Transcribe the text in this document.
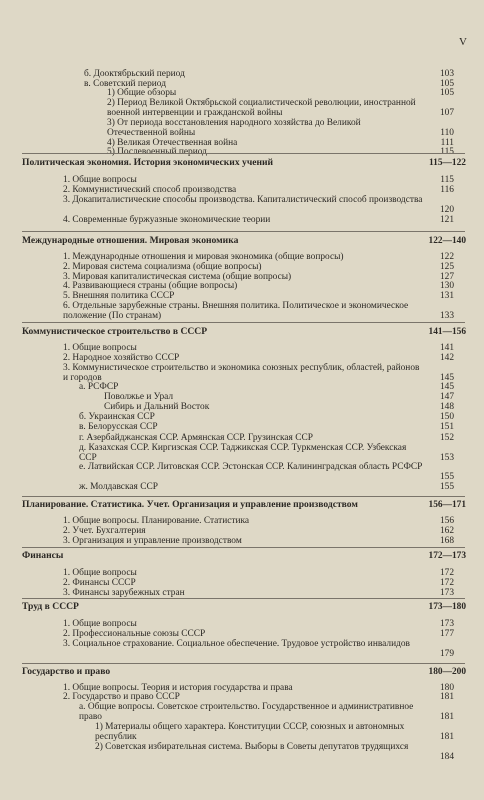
V
б. Дооктябрьский период	103
в. Советский период	105
1) Общие обзоры	105
2) Период Великой Октябрьской социалистической революции, иностранной военной интервенции и гражданской войны	107
3) От периода восстановления народного хозяйства до Великой Отечественной войны	110
4) Великая Отечественная война	111
5) Послевоенный период	115
Политическая экономия. История экономических учений	115—122
1. Общие вопросы	115
2. Коммунистический способ производства	116
3. Докапиталистические способы производства. Капиталистический способ производства
120
4. Современные буржуазные экономические теории	121
Международные отношения. Мировая экономика	122—140
1. Международные отношения и мировая экономика (общие вопросы)	122
2. Мировая система социализма (общие вопросы)	125
3. Мировая капиталистическая система (общие вопросы)	127
4. Развивающиеся страны (общие вопросы)	130
5. Внешняя политика СССР	131
6. Отдельные зарубежные страны. Внешняя политика. Политическое и экономическое положение (По странам)	133
Коммунистическое строительство в СССР	141—156
1. Общие вопросы	141
2. Народное хозяйство СССР	142
3. Коммунистическое строительство и экономика союзных республик, областей, районов и городов	145
а. РСФСР	145
Поволжье и Урал	147
Сибирь и Дальний Восток	148
б. Украинская ССР	150
в. Белорусская ССР	151
г. Азербайджанская ССР. Армянская ССР. Грузинская ССР	152
д. Казахская ССР. Киргизская ССР. Таджикская ССР. Туркменская ССР. Узбекская ССР	153
е. Латвийская ССР. Литовская ССР. Эстонская ССР. Калининградская область РСФСР
155
ж. Молдавская ССР	155
Планирование. Статистика. Учет. Организация и управление производством	156—171
1. Общие вопросы. Планирование. Статистика	156
2. Учет. Бухгалтерия	162
3. Организация и управление производством	168
Финансы	172—173
1. Общие вопросы	172
2. Финансы СССР	172
3. Финансы зарубежных стран	173
Труд в СССР	173—180
1. Общие вопросы	173
2. Профессиональные союзы СССР	177
3. Социальное страхование. Социальное обеспечение. Трудовое устройство инвалидов
179
Государство и право	180—200
1. Общие вопросы. Теория и история государства и права	180
2. Государство и право СССР	181
а. Общие вопросы. Советское строительство. Государственное и административное право	181
1) Материалы общего характера. Конституции СССР, союзных и автономных республик	181
2) Советская избирательная система. Выборы в Советы депутатов трудящихся
184
